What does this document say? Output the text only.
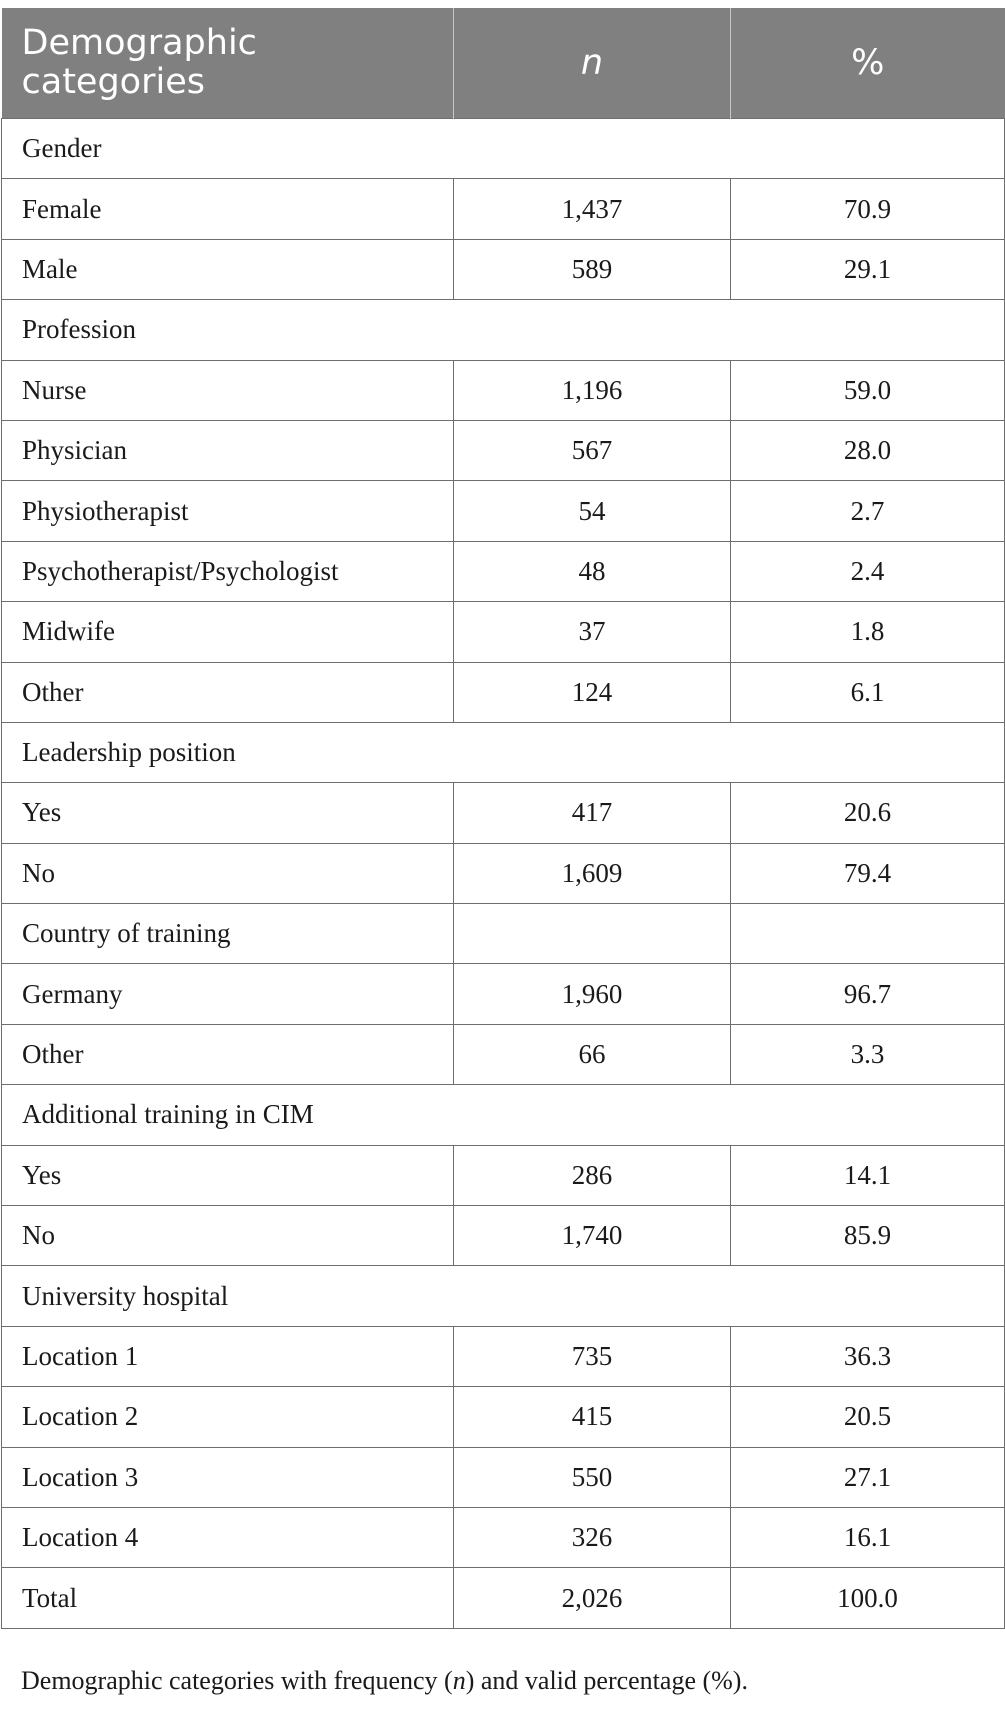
Demographic categories	n	%
Gender		
Female	1,437	70.9
Male	589	29.1
Profession		
Nurse	1,196	59.0
Physician	567	28.0
Physiotherapist	54	2.7
Psychotherapist/Psychologist	48	2.4
Midwife	37	1.8
Other	124	6.1
Leadership position		
Yes	417	20.6
No	1,609	79.4
Country of training		
Germany	1,960	96.7
Other	66	3.3
Additional training in CIM		
Yes	286	14.1
No	1,740	85.9
University hospital		
Location 1	735	36.3
Location 2	415	20.5
Location 3	550	27.1
Location 4	326	16.1
Total	2,026	100.0
Demographic categories with frequency (n) and valid percentage (%).
